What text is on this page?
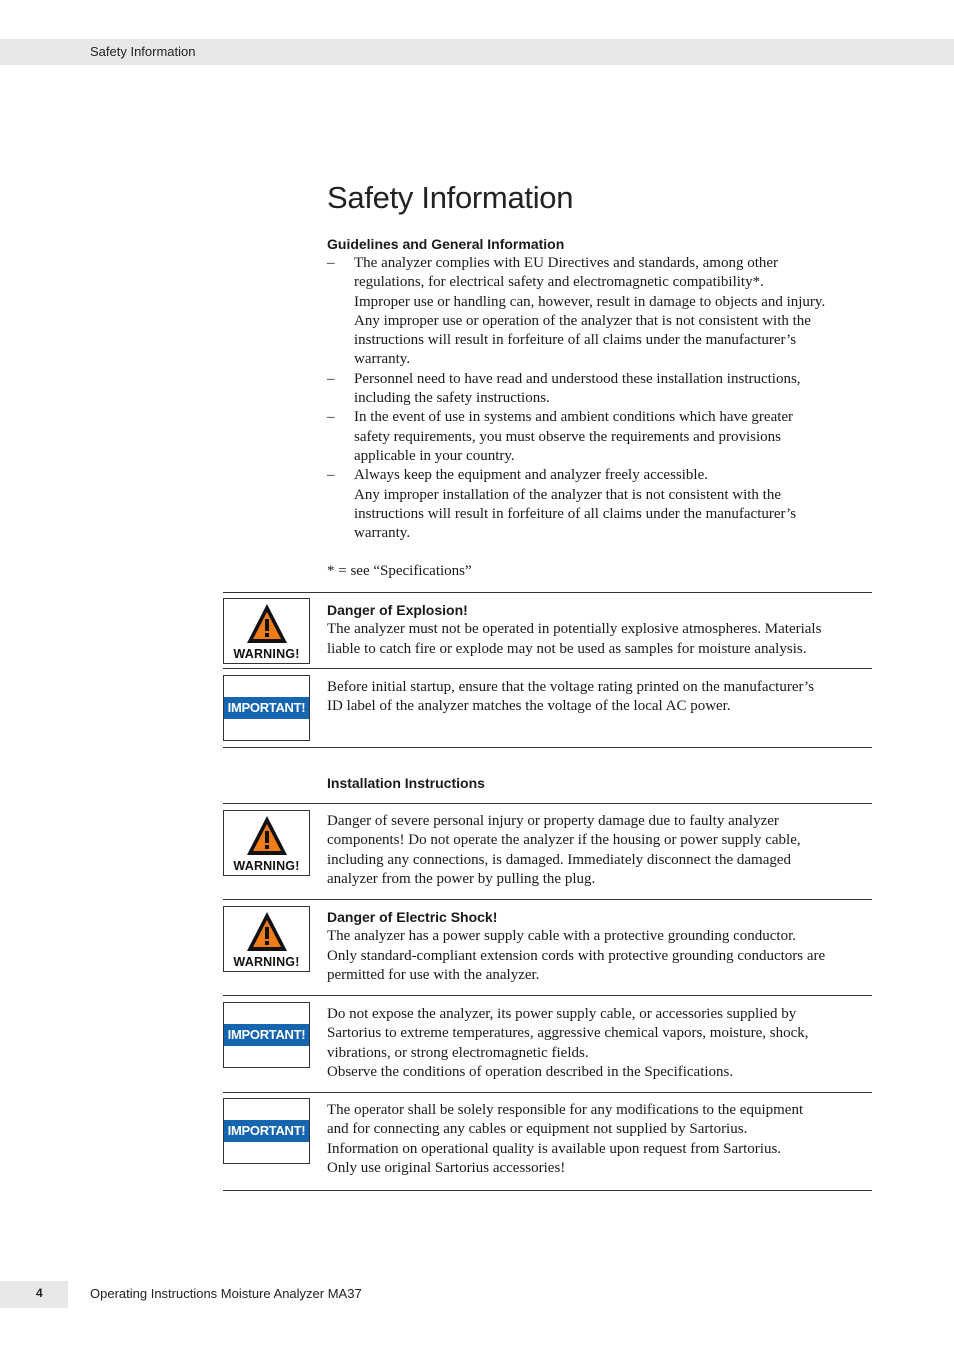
Safety Information
Safety Information
Guidelines and General Information
– The analyzer complies with EU Directives and standards, among other
regulations, for electrical safety and electromagnetic compatibility*.
Improper use or handling can, however, result in damage to objects and injury.
Any improper use or operation of the analyzer that is not consistent with the
instructions will result in forfeiture of all claims under the manufacturer’s
warranty.
– Personnel need to have read and understood these installation instructions,
including the safety instructions.
– In the event of use in systems and ambient conditions which have greater
safety requirements, you must observe the requirements and provisions
applicable in your country.
– Always keep the equipment and analyzer freely accessible.
Any improper installation of the analyzer that is not consistent with the
instructions will result in forfeiture of all claims under the manufacturer’s
warranty.
* = see “Specifications”
WARNING!
Danger of Explosion!
The analyzer must not be operated in potentially explosive atmospheres. Materials
liable to catch fire or explode may not be used as samples for moisture analysis.
IMPORTANT!
Before initial startup, ensure that the voltage rating printed on the manufacturer’s
ID label of the analyzer matches the voltage of the local AC power.
Installation Instructions
WARNING!
Danger of severe personal injury or property damage due to faulty analyzer
components! Do not operate the analyzer if the housing or power supply cable,
including any connections, is damaged. Immediately disconnect the damaged
analyzer from the power by pulling the plug.
WARNING!
Danger of Electric Shock!
The analyzer has a power supply cable with a protective grounding conductor.
Only standard-compliant extension cords with protective grounding conductors are
permitted for use with the analyzer.
IMPORTANT!
Do not expose the analyzer, its power supply cable, or accessories supplied by
Sartorius to extreme temperatures, aggressive chemical vapors, moisture, shock,
vibrations, or strong electromagnetic fields.
Observe the conditions of operation described in the Specifications.
IMPORTANT!
The operator shall be solely responsible for any modifications to the equipment
and for connecting any cables or equipment not supplied by Sartorius.
Information on operational quality is available upon request from Sartorius.
Only use original Sartorius accessories!
4	Operating Instructions Moisture Analyzer MA37
